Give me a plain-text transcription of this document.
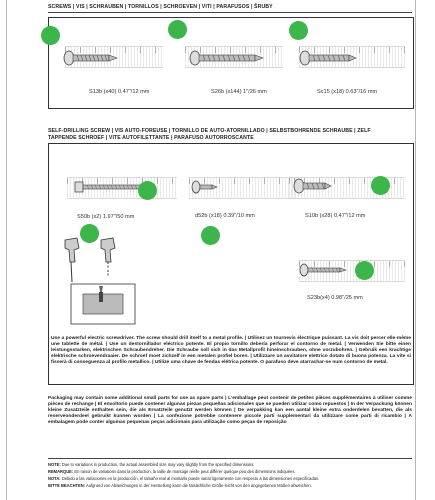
SCREWS | VIS | SCHRAUBEN | TORNILLOS | SCHROEVEN | VITI | PARAFUSOS | ŠRUBY
S13b (x40) 0.47"/12 mm	S26b (x144) 1"/26 mm	Sc15 (x18) 0.63"/16 mm
SELF-DRILLING SCREW | VIS AUTO-FOREUSE | TORNILLO DE AUTO-ATORNILLADO | SELBSTBOHRENDE SCHRAUBE | ZELF
TAPPENDE SCHROEF | VITE AUTOFILETTANTE | PARAFUSO AUTORROSCANTE
S50b (x2) 1.97"/50 mm	d52b (x18) 0.39"/10 mm	S10b (x28) 0.47"/12 mm
S23b(x4) 0.98"/25 mm
Use a powerful electric screwdriver. The screw should drill itself to a metal profile. | Utilisez un tournevis électrique puissant. La vis doit percer elle-même une tablette de métal. | Use un destornillador eléctrico potente. El propio tornillo debería perforar el contorno de metal. | Verwenden Sie bitte einen leistungsstarken, elektrischen Schraubendreher. Die Schraube soll sich in das Metallprofil hineinschrauben, ohne vorzubohren. | Gebruik een krachtige elektrische schroevendraaier. De schroef moet zichzelf in een metalen profiel boren. | Utilizzare un avvitatore elettrico dotato di buona potenza. La vite si fisserà di conseguenza al profilo metallico. | Utilize uma chave de fendas elétrica potente. O parafuso deve atarrachar-se num contorno de metal.
Packaging may contain some additional small parts for use as spare parts | L'emballage peut contenir de petites pièces supplémentaires à utiliser comme pièces de rechange | El envoltorio puede contener algunas piezas pequeñas adicionales que se pueden utilizar como repuestos | In der Verpackung können kleine Zusatzteile enthalten sein, die als Ersatzteile genutzt werden können | De verpakking kan een aantal kleine extra onderdelen bevatten, die als reserveonderdeel gebruikt kunnen worden | La confezione potrebbe contenere piccole parti supplementari da utilizzare come parti di ricambio | A embalagem pode conter algumas pequenas peças adicionais para utilização como peças de reposição
NOTE: Due to variations in production, the actual assembled size may vary slightly from the specified dimensions.
REMARQUE: En raison de variations dans la production, la taille de montage réelle peut différer quelque peu des dimensions indiquées.
NOTA: Debido a las variaciones en la producción, el tamaño real al montarlo puede variar ligeramente con respecto a las dimensiones especificadas.
BITTE BEACHTEN: Aufgrund von Abweichungen in der Herstellung kann die tatsächliche Größe leicht von den angegebenen Maßen abweichen.
